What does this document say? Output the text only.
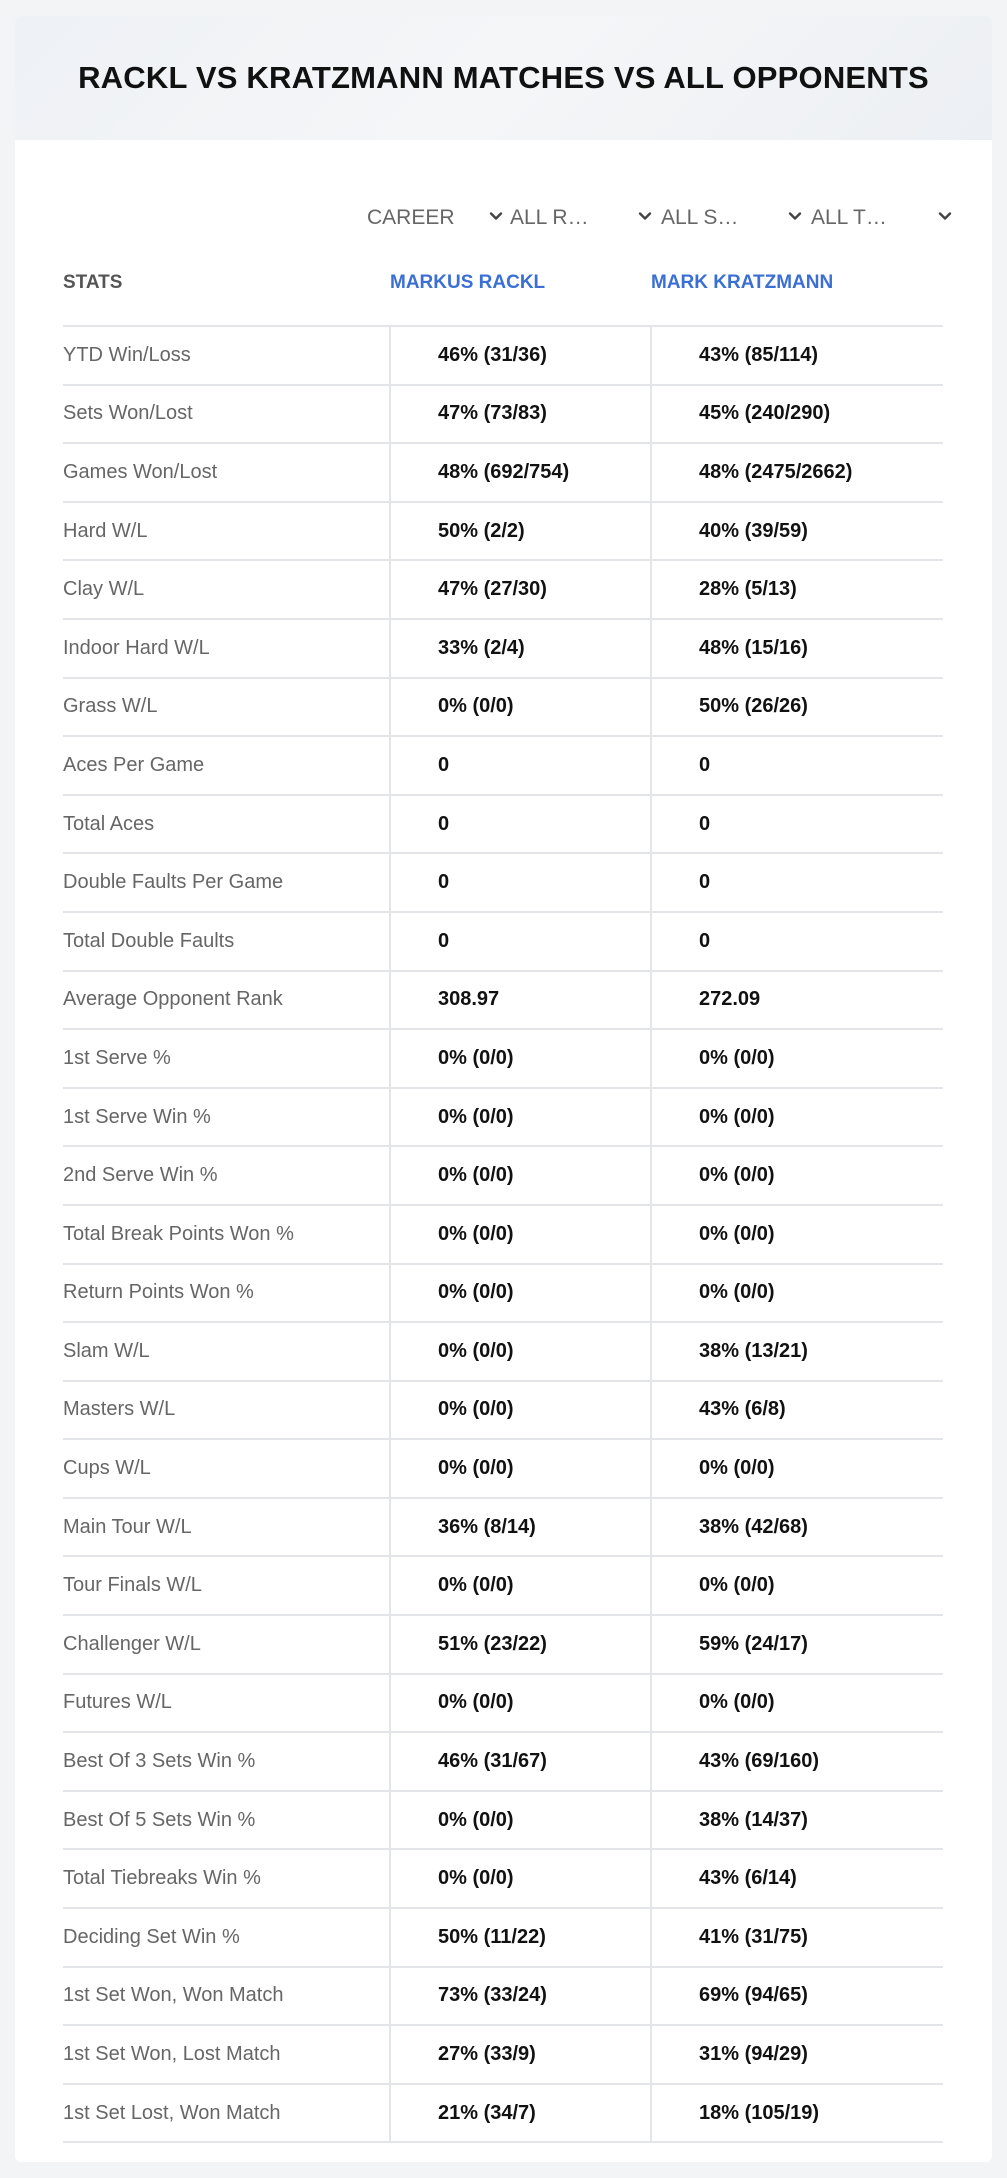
RACKL VS KRATZMANN MATCHES VS ALL OPPONENTS
CAREER	ALL R…	ALL S…	ALL T…
STATS	MARKUS RACKL	MARK KRATZMANN
YTD Win/Loss	46% (31/36)	43% (85/114)
Sets Won/Lost	47% (73/83)	45% (240/290)
Games Won/Lost	48% (692/754)	48% (2475/2662)
Hard W/L	50% (2/2)	40% (39/59)
Clay W/L	47% (27/30)	28% (5/13)
Indoor Hard W/L	33% (2/4)	48% (15/16)
Grass W/L	0% (0/0)	50% (26/26)
Aces Per Game	0	0
Total Aces	0	0
Double Faults Per Game	0	0
Total Double Faults	0	0
Average Opponent Rank	308.97	272.09
1st Serve %	0% (0/0)	0% (0/0)
1st Serve Win %	0% (0/0)	0% (0/0)
2nd Serve Win %	0% (0/0)	0% (0/0)
Total Break Points Won %	0% (0/0)	0% (0/0)
Return Points Won %	0% (0/0)	0% (0/0)
Slam W/L	0% (0/0)	38% (13/21)
Masters W/L	0% (0/0)	43% (6/8)
Cups W/L	0% (0/0)	0% (0/0)
Main Tour W/L	36% (8/14)	38% (42/68)
Tour Finals W/L	0% (0/0)	0% (0/0)
Challenger W/L	51% (23/22)	59% (24/17)
Futures W/L	0% (0/0)	0% (0/0)
Best Of 3 Sets Win %	46% (31/67)	43% (69/160)
Best Of 5 Sets Win %	0% (0/0)	38% (14/37)
Total Tiebreaks Win %	0% (0/0)	43% (6/14)
Deciding Set Win %	50% (11/22)	41% (31/75)
1st Set Won, Won Match	73% (33/24)	69% (94/65)
1st Set Won, Lost Match	27% (33/9)	31% (94/29)
1st Set Lost, Won Match	21% (34/7)	18% (105/19)
